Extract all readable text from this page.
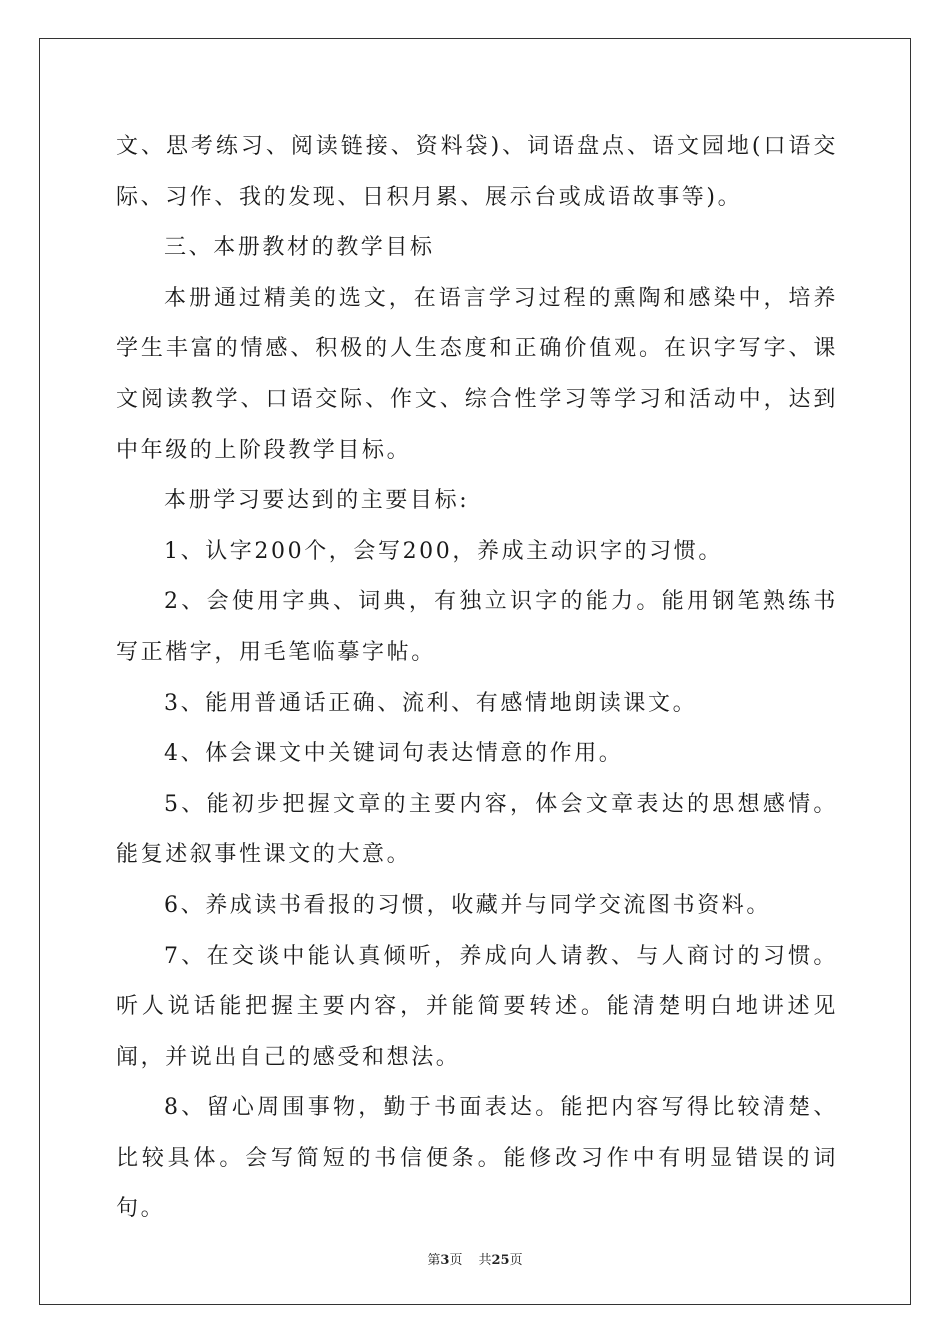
文、思考练习、阅读链接、资料袋)、词语盘点、语文园地(口语交际、习作、我的发现、日积月累、展示台或成语故事等)。

三、本册教材的教学目标

本册通过精美的选文，在语言学习过程的熏陶和感染中，培养学生丰富的情感、积极的人生态度和正确价值观。在识字写字、课文阅读教学、口语交际、作文、综合性学习等学习和活动中，达到中年级的上阶段教学目标。

本册学习要达到的主要目标:

1、认字200个，会写200，养成主动识字的习惯。

2、会使用字典、词典，有独立识字的能力。能用钢笔熟练书写正楷字，用毛笔临摹字帖。

3、能用普通话正确、流利、有感情地朗读课文。

4、体会课文中关键词句表达情意的作用。

5、能初步把握文章的主要内容，体会文章表达的思想感情。能复述叙事性课文的大意。

6、养成读书看报的习惯，收藏并与同学交流图书资料。

7、在交谈中能认真倾听，养成向人请教、与人商讨的习惯。听人说话能把握主要内容，并能简要转述。能清楚明白地讲述见闻，并说出自己的感受和想法。

8、留心周围事物，勤于书面表达。能把内容写得比较清楚、比较具体。会写简短的书信便条。能修改习作中有明显错误的词句。

第3页 共25页
